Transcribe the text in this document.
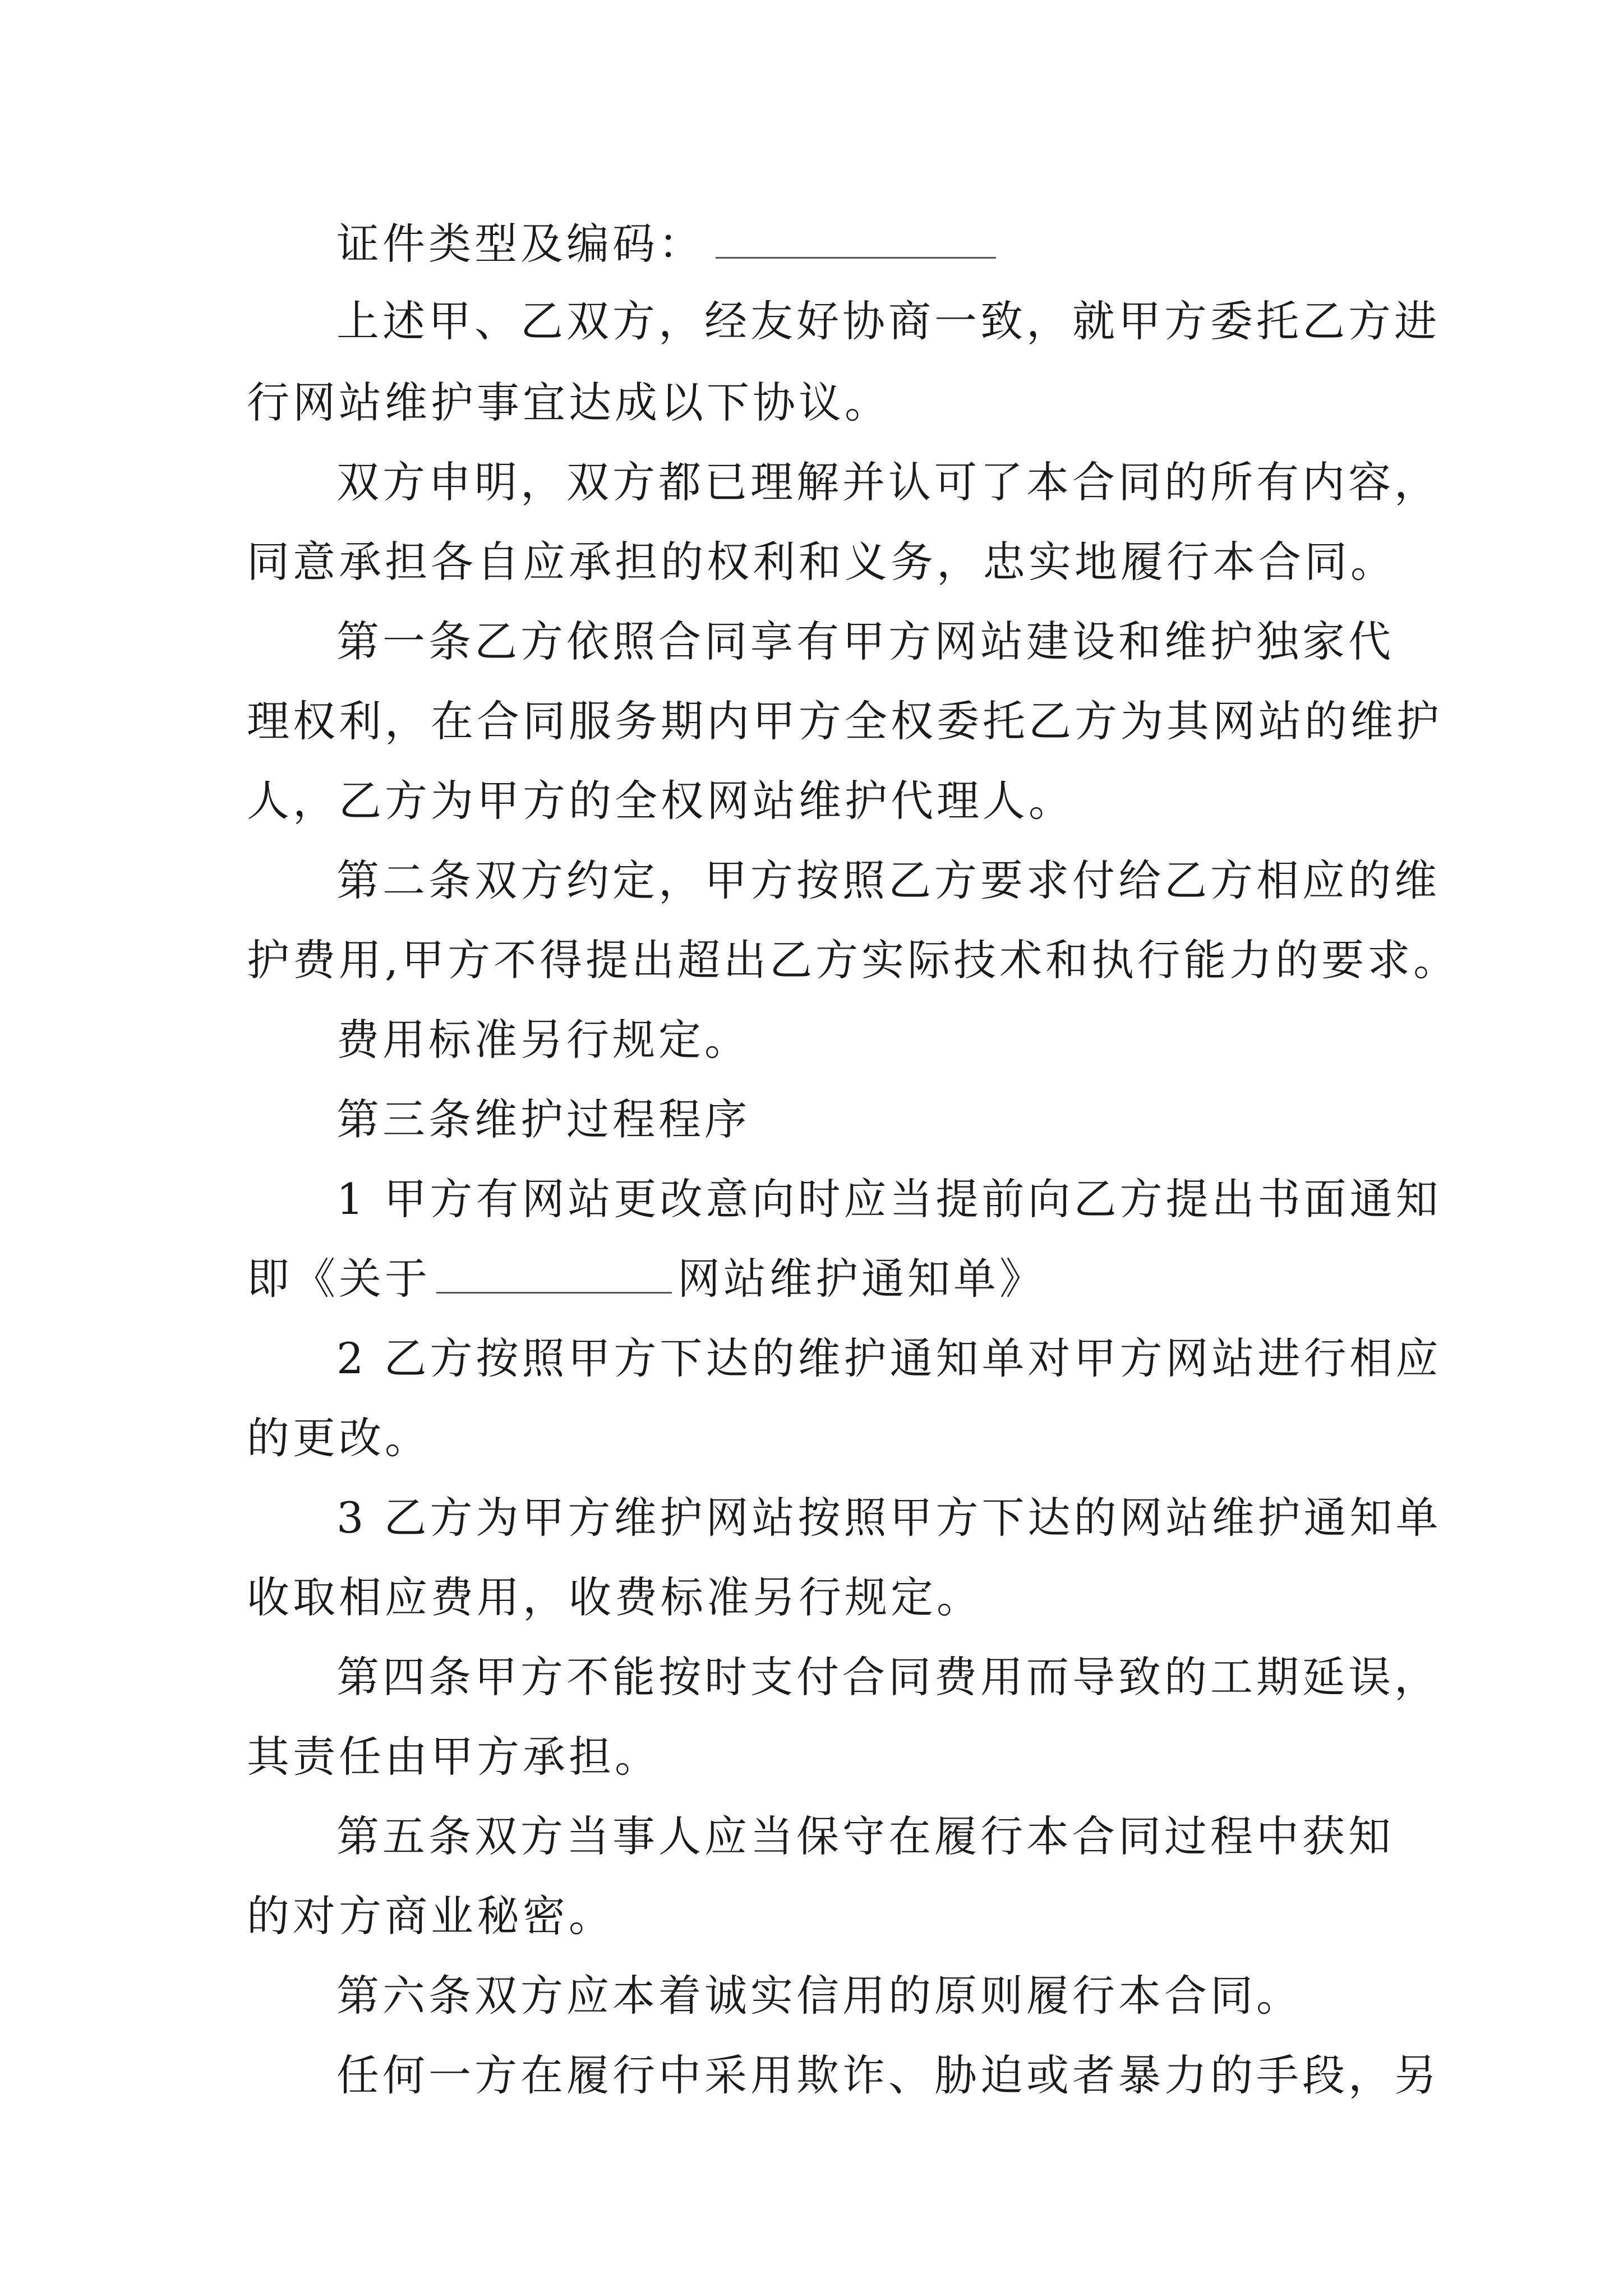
证件类型及编码：
上述甲、乙双方，经友好协商一致，就甲方委托乙方进
行网站维护事宜达成以下协议。
双方申明，双方都已理解并认可了本合同的所有内容，
同意承担各自应承担的权利和义务，忠实地履行本合同。
第一条乙方依照合同享有甲方网站建设和维护独家代
理权利，在合同服务期内甲方全权委托乙方为其网站的维护
人，乙方为甲方的全权网站维护代理人。
第二条双方约定，甲方按照乙方要求付给乙方相应的维
护费用,甲方不得提出超出乙方实际技术和执行能力的要求。
费用标准另行规定。
第三条维护过程程序
1 甲方有网站更改意向时应当提前向乙方提出书面通知
即《关于	网站维护通知单》
2 乙方按照甲方下达的维护通知单对甲方网站进行相应
的更改。
3 乙方为甲方维护网站按照甲方下达的网站维护通知单
收取相应费用，收费标准另行规定。
第四条甲方不能按时支付合同费用而导致的工期延误，
其责任由甲方承担。
第五条双方当事人应当保守在履行本合同过程中获知
的对方商业秘密。
第六条双方应本着诚实信用的原则履行本合同。
任何一方在履行中采用欺诈、胁迫或者暴力的手段，另
